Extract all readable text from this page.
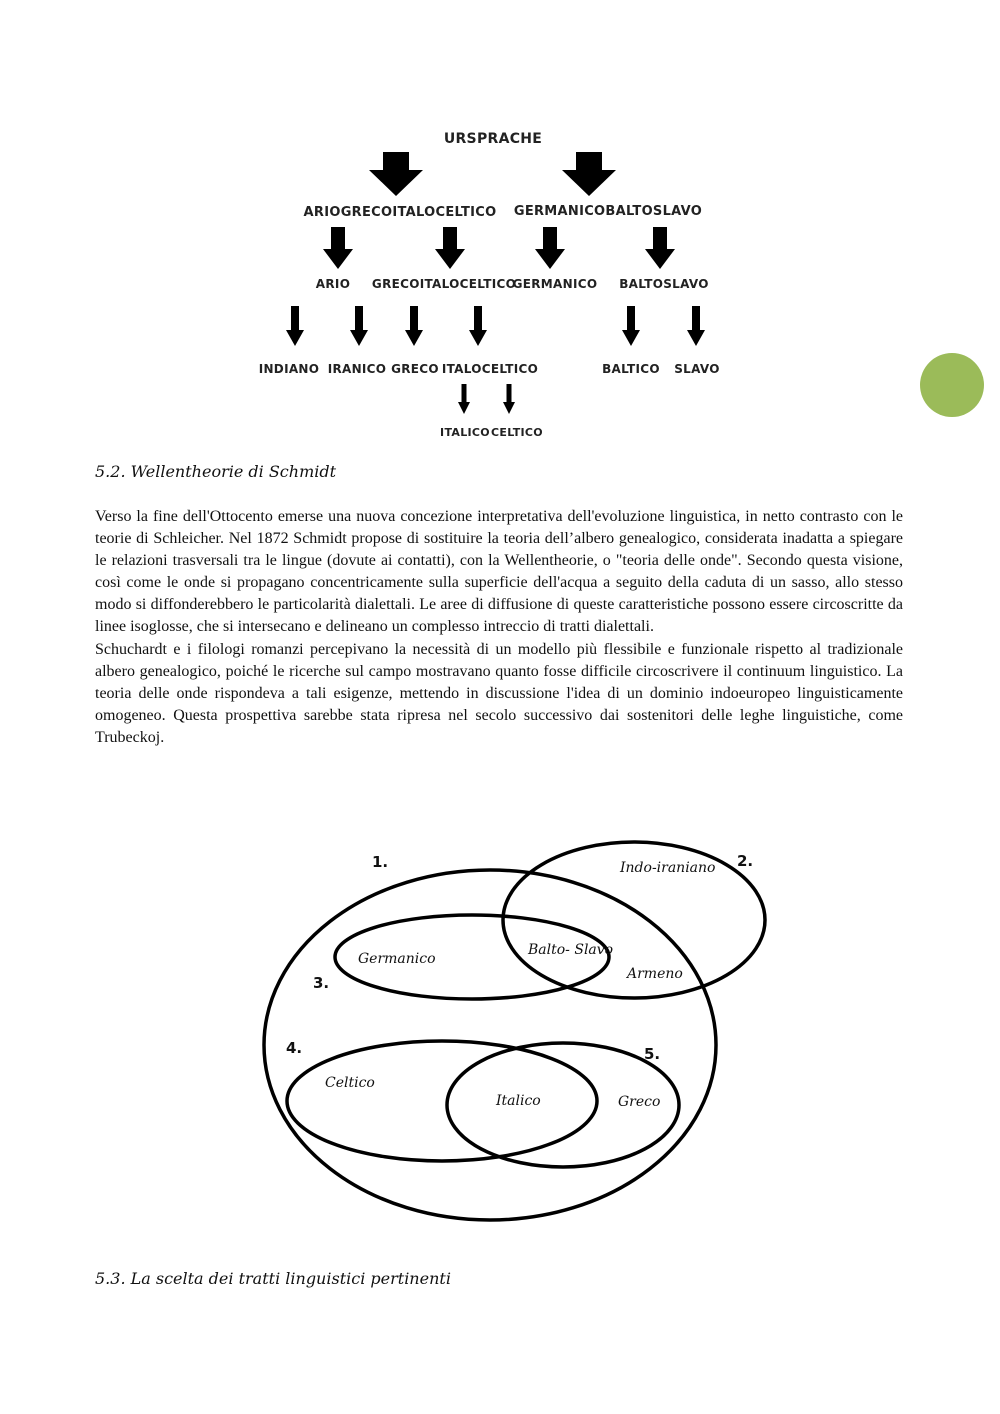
URSPRACHE
ARIOGRECOITALOCELTICO GERMANICOBALTOSLAVO
ARIO GRECOITALOCELTICO
GERMANICO BALTOSLAVO
INDIANO IRANICO GRECO ITALOCELTICO	BALTICO SLAVO
ITALICO CELTICO
5.2. Wellentheorie di Schmidt

Verso la fine dell'Ottocento emerse una nuova concezione interpretativa dell'evoluzione linguistica, in netto contrasto con le teorie di Schleicher. Nel 1872 Schmidt propose di sostituire la teoria dell’albero genealogico, considerata inadatta a spiegare le relazioni trasversali tra le lingue (dovute ai contatti), con la Wellentheorie, o "teoria delle onde". Secondo questa visione, così come le onde si propagano concentricamente sulla superficie dell'acqua a seguito della caduta di un sasso, allo stesso modo si diffonderebbero le particolarità dialettali. Le aree di diffusione di queste caratteristiche possono essere circoscritte da linee isoglosse, che si intersecano e delineano un complesso intreccio di tratti dialettali.

Schuchardt e i filologi romanzi percepivano la necessità di un modello più flessibile e funzionale rispetto al tradizionale albero genealogico, poiché le ricerche sul campo mostravano quanto fosse difficile circoscrivere il continuum linguistico. La teoria delle onde rispondeva a tali esigenze, mettendo in discussione l'idea di un dominio indoeuropeo linguisticamente omogeneo. Questa prospettiva sarebbe stata ripresa nel secolo successivo dai sostenitori delle leghe linguistiche, come Trubeckoj.

1.	2.
3.
4.	5.
Indo-iraniano
Germanico
Balto- Slavo
Armeno
Celtico
Italico	Greco
5.3. La scelta dei tratti linguistici pertinenti
